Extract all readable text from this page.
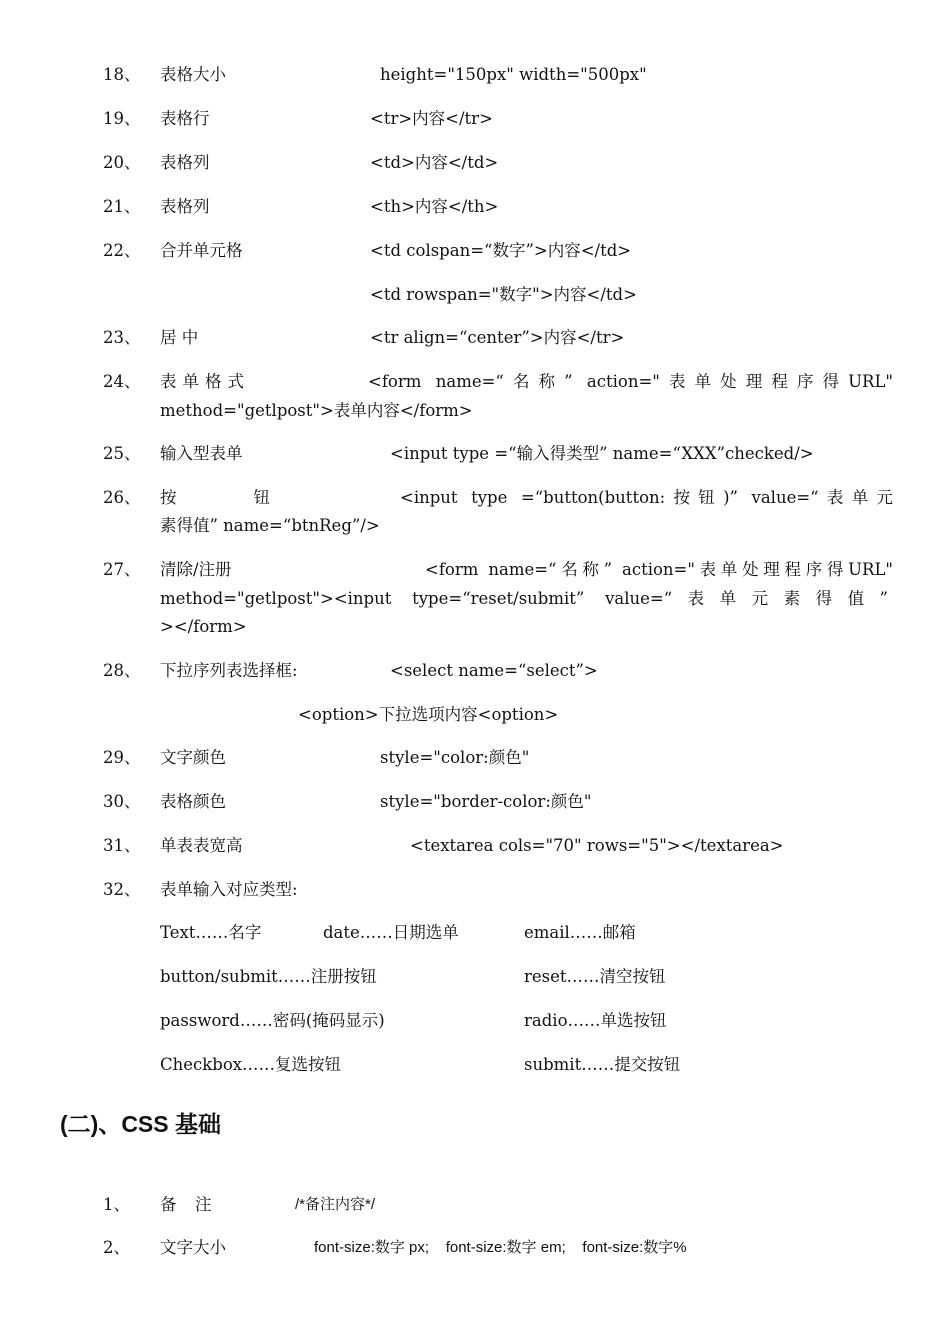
18、 表格大小	height="150px" width="500px"
19、 表格行	<tr>内容</tr>
20、 表格列	<td>内容</td>
21、 表格列	<th>内容</th>
22、 合并单元格	<td colspan=“数字”>内容</td>
<td rowspan="数字">内容</td>
23、 居 中	<tr align=“center”>内容</tr>
24、 表单格式	<form name=“名称” action="表单处理程序得URL"
method="getlpost">表单内容</form>
25、 输入型表单	<input type =“输入得类型” name=“XXX”checked/>
26、 按    钮	<input type =“button(button:按钮)” value=“表单元
素得值” name=“btnReg”/>
27、 清除/注册	<form name=“名称” action="表单处理程序得URL"
method="getlpost"><input type=“reset/submit” value=“表单元素得值”
></form>
28、 下拉序列表选择框:	<select name=“select”>
<option>下拉选项内容<option>
29、 文字颜色	style="color:颜色"
30、 表格颜色	style="border-color:颜色"
31、 单表表宽高	<textarea cols="70" rows="5"></textarea>
32、 表单输入对应类型:
Text……名字	date……日期选单	email……邮箱
button/submit……注册按钮	reset……清空按钮
password……密码(掩码显示)	radio……单选按钮
Checkbox……复选按钮	submit……提交按钮
(二)、CSS 基础
1、 备  注	/*备注内容*/
2、 文字大小	font-size:数字 px;    font-size:数字 em;    font-size:数字%
